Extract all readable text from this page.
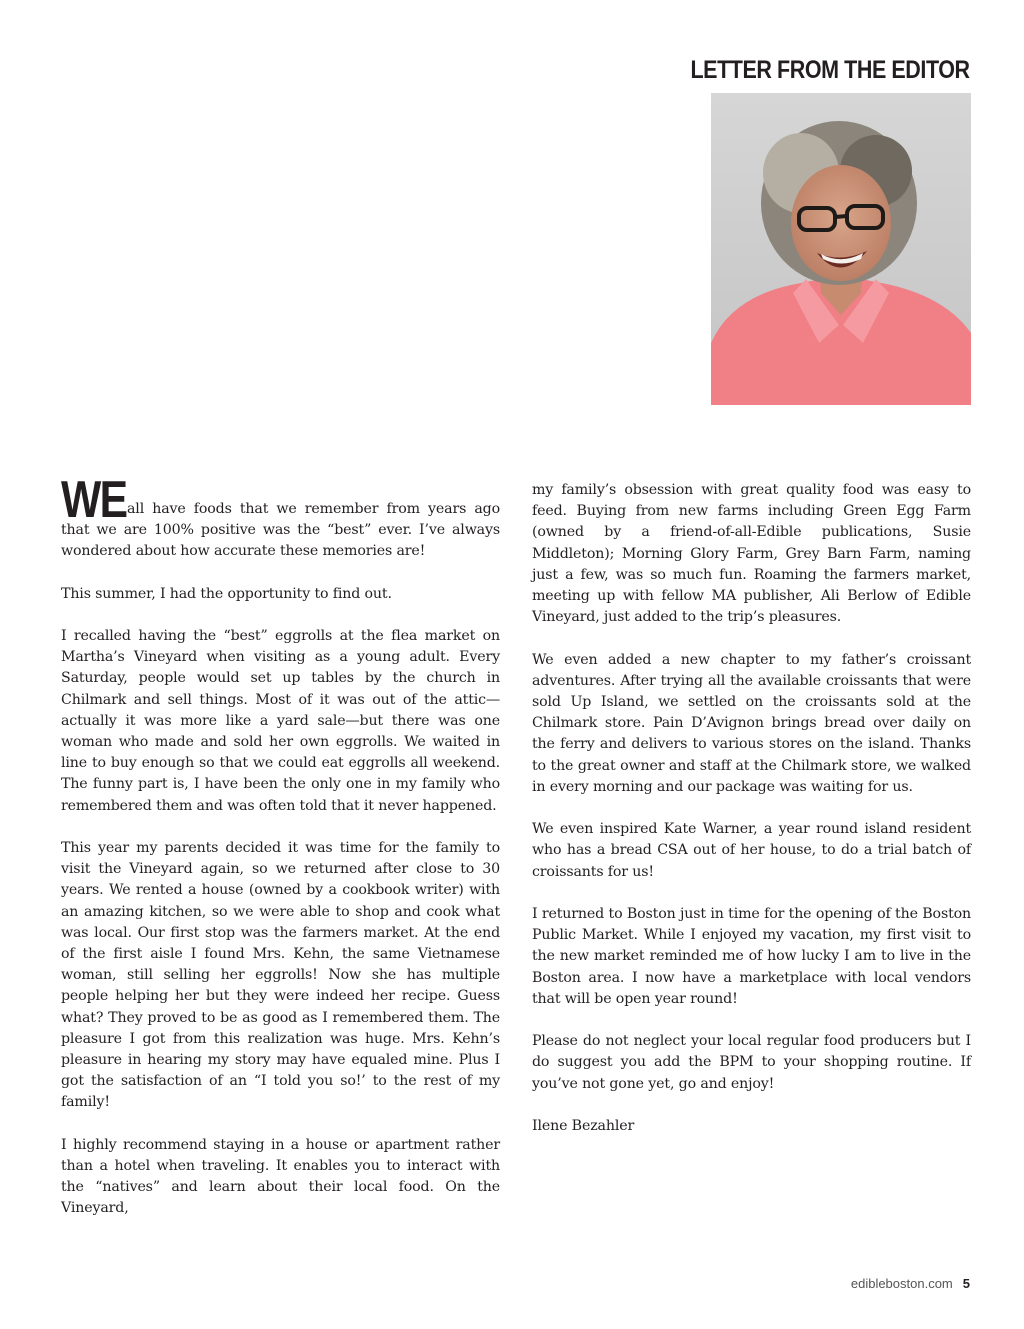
LETTER FROM THE EDITOR

WEall have foods that we remember from years ago that we are 100% positive was the “best” ever. I’ve always wondered about how accurate these memories are!

This summer, I had the opportunity to find out.

I recalled having the “best” eggrolls at the flea market on Martha’s Vineyard when visiting as a young adult. Every Saturday, people would set up tables by the church in Chilmark and sell things. Most of it was out of the attic—actually it was more like a yard sale—but there was one woman who made and sold her own eggrolls. We waited in line to buy enough so that we could eat eggrolls all weekend. The funny part is, I have been the only one in my family who remembered them and was often told that it never happened.

This year my parents decided it was time for the family to visit the Vineyard again, so we returned after close to 30 years. We rented a house (owned by a cookbook writer) with an amazing kitchen, so we were able to shop and cook what was local. Our first stop was the farmers market. At the end of the first aisle I found Mrs. Kehn, the same Vietnamese woman, still selling her eggrolls! Now she has multiple people helping her but they were indeed her recipe. Guess what? They proved to be as good as I remembered them. The pleasure I got from this realization was huge. Mrs. Kehn’s pleasure in hearing my story may have equaled mine. Plus I got the satisfaction of an “I told you so!’ to the rest of my family!

I highly recommend staying in a house or apartment rather than a hotel when traveling. It enables you to interact with the “natives” and learn about their local food. On the Vineyard,

my family’s obsession with great quality food was easy to feed. Buying from new farms including Green Egg Farm (owned by a friend-of-all-Edible publications, Susie Middleton); Morning Glory Farm, Grey Barn Farm, naming just a few, was so much fun. Roaming the farmers market, meeting up with fellow MA publisher, Ali Berlow of Edible Vineyard, just added to the trip’s pleasures.

We even added a new chapter to my father’s croissant adventures. After trying all the available croissants that were sold Up Island, we settled on the croissants sold at the Chilmark store. Pain D’Avignon brings bread over daily on the ferry and delivers to various stores on the island. Thanks to the great owner and staff at the Chilmark store, we walked in every morning and our package was waiting for us.

We even inspired Kate Warner, a year round island resident who has a bread CSA out of her house, to do a trial batch of croissants for us!

I returned to Boston just in time for the opening of the Boston Public Market. While I enjoyed my vacation, my first visit to the new market reminded me of how lucky I am to live in the Boston area. I now have a marketplace with local vendors that will be open year round!

Please do not neglect your local regular food producers but I do suggest you add the BPM to your shopping routine. If you’ve not gone yet, go and enjoy!

Ilene Bezahler

edibleboston.com 5
